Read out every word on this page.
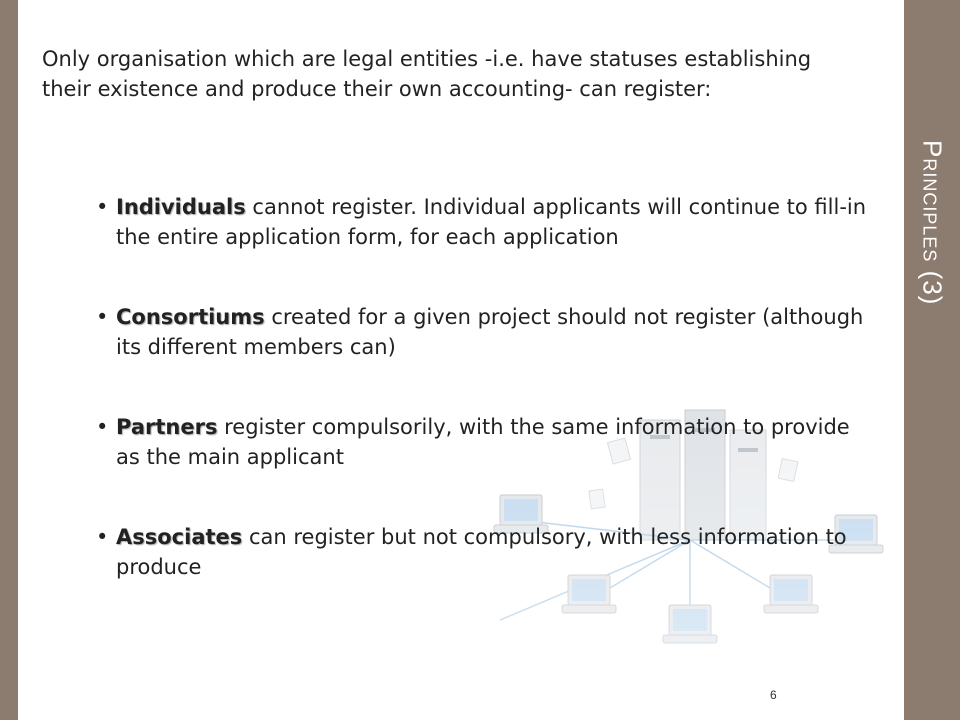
Principles (3)
Only organisation which are legal entities -i.e. have statuses establishing their existence and produce their own accounting- can register:
• Individuals cannot register. Individual applicants will continue to fill-in the entire application form, for each application
• Consortiums created for a given project should not register (although its different members can)
• Partners register compulsorily, with the same information to provide as the main applicant
• Associates can register but not compulsory, with less information to produce
6
